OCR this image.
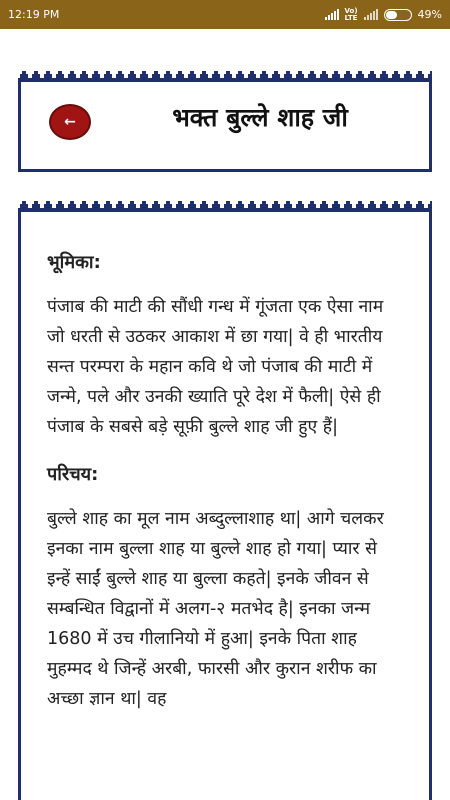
12:19 PM	Vo)
LTE	49%
←	भक्त बुल्ले शाह जी
भूमिका:

पंजाब की माटी की सौंधी गन्ध में गूंजता एक ऐसा नाम जो धरती से उठकर आकाश में छा गया| वे ही भारतीय सन्त परम्परा के महान कवि थे जो पंजाब की माटी में जन्मे, पले और उनकी ख्याति पूरे देश में फैली| ऐसे ही पंजाब के सबसे बड़े सूफ़ी बुल्ले शाह जी हुए हैं|

परिचय:

बुल्ले शाह का मूल नाम अब्दुल्लाशाह था| आगे चलकर इनका नाम बुल्ला शाह या बुल्ले शाह हो गया| प्यार से इन्हें साईं बुल्ले शाह या बुल्ला कहते| इनके जीवन से सम्बन्धित विद्वानों में अलग-२ मतभेद है| इनका जन्म 1680 में उच गीलानियो में हुआ| इनके पिता शाह मुहम्मद थे जिन्हें अरबी, फारसी और कुरान शरीफ का अच्छा ज्ञान था| वह
